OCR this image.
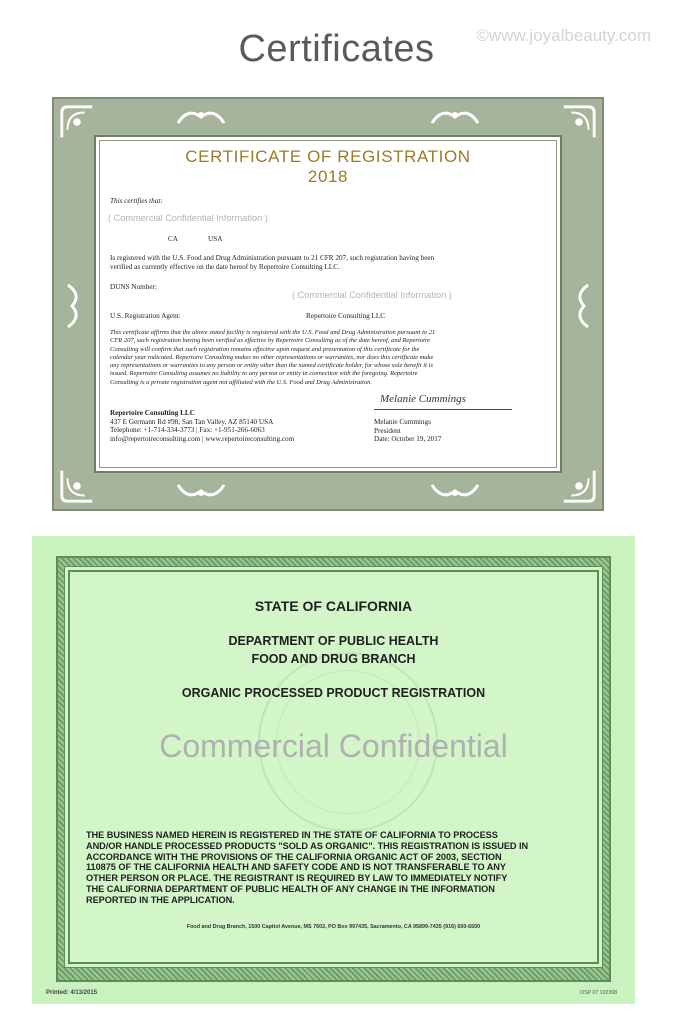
Certificates	©www.joyalbeauty.com
CERTIFICATE OF REGISTRATION
2018
This certifies that:
( Commercial Confidential Information )
CA	USA
Is registered with the U.S. Food and Drug Administration pursuant to 21 CFR 207, such registration having been
verified as currently effective on the date hereof by Repertoire Consulting LLC.
DUNS Number:
( Commercial Confidential Information )
U.S. Registration Agent:	Repertoire Consulting LLC
This certificate affirms that the above stated facility is registered with the U.S. Food and Drug Administration pursuant to 21
CFR 207, such registration having been verified as effective by Repertoire Consulting as of the date hereof, and Repertoire
Consulting will confirm that such registration remains effective upon request and presentation of this certificate for the
calendar year indicated. Repertoire Consulting makes no other representations or warranties, nor does this certificate make
any representations or warranties to any person or entity other than the named certificate holder, for whose sole benefit it is
issued. Repertoire Consulting assumes no liability to any person or entity in connection with the foregoing. Repertoire
Consulting is a private registration agent not affiliated with the U.S. Food and Drug Administration.
Repertoire Consulting LLC
437 E Germann Rd #98, San Tan Valley, AZ 85140 USA
Telephone: +1-714-334-3773 | Fax: +1-951-266-6063
info@repertoireconsulting.com | www.repertoireconsulting.com
Melanie Cummings
Melanie Cummings
President
Date: October 19, 2017
STATE OF CALIFORNIA
DEPARTMENT OF PUBLIC HEALTH
FOOD AND DRUG BRANCH
ORGANIC PROCESSED PRODUCT REGISTRATION
Commercial Confidential
THE BUSINESS NAMED HEREIN IS REGISTERED IN THE STATE OF CALIFORNIA TO PROCESS
AND/OR HANDLE PROCESSED PRODUCTS "SOLD AS ORGANIC". THIS REGISTRATION IS ISSUED IN
ACCORDANCE WITH THE PROVISIONS OF THE CALIFORNIA ORGANIC ACT OF 2003, SECTION
110875 OF THE CALIFORNIA HEALTH AND SAFETY CODE AND IS NOT TRANSFERABLE TO ANY
OTHER PERSON OR PLACE. THE REGISTRANT IS REQUIRED BY LAW TO IMMEDIATELY NOTIFY
THE CALIFORNIA DEPARTMENT OF PUBLIC HEALTH OF ANY CHANGE IN THE INFORMATION
REPORTED IN THE APPLICATION.
Food and Drug Branch, 1500 Capitol Avenue, MS 7602, PO Box 997435, Sacramento, CA 95899-7435 (916) 650-6500
Printed: 4/13/2015	OSP 07 102308
